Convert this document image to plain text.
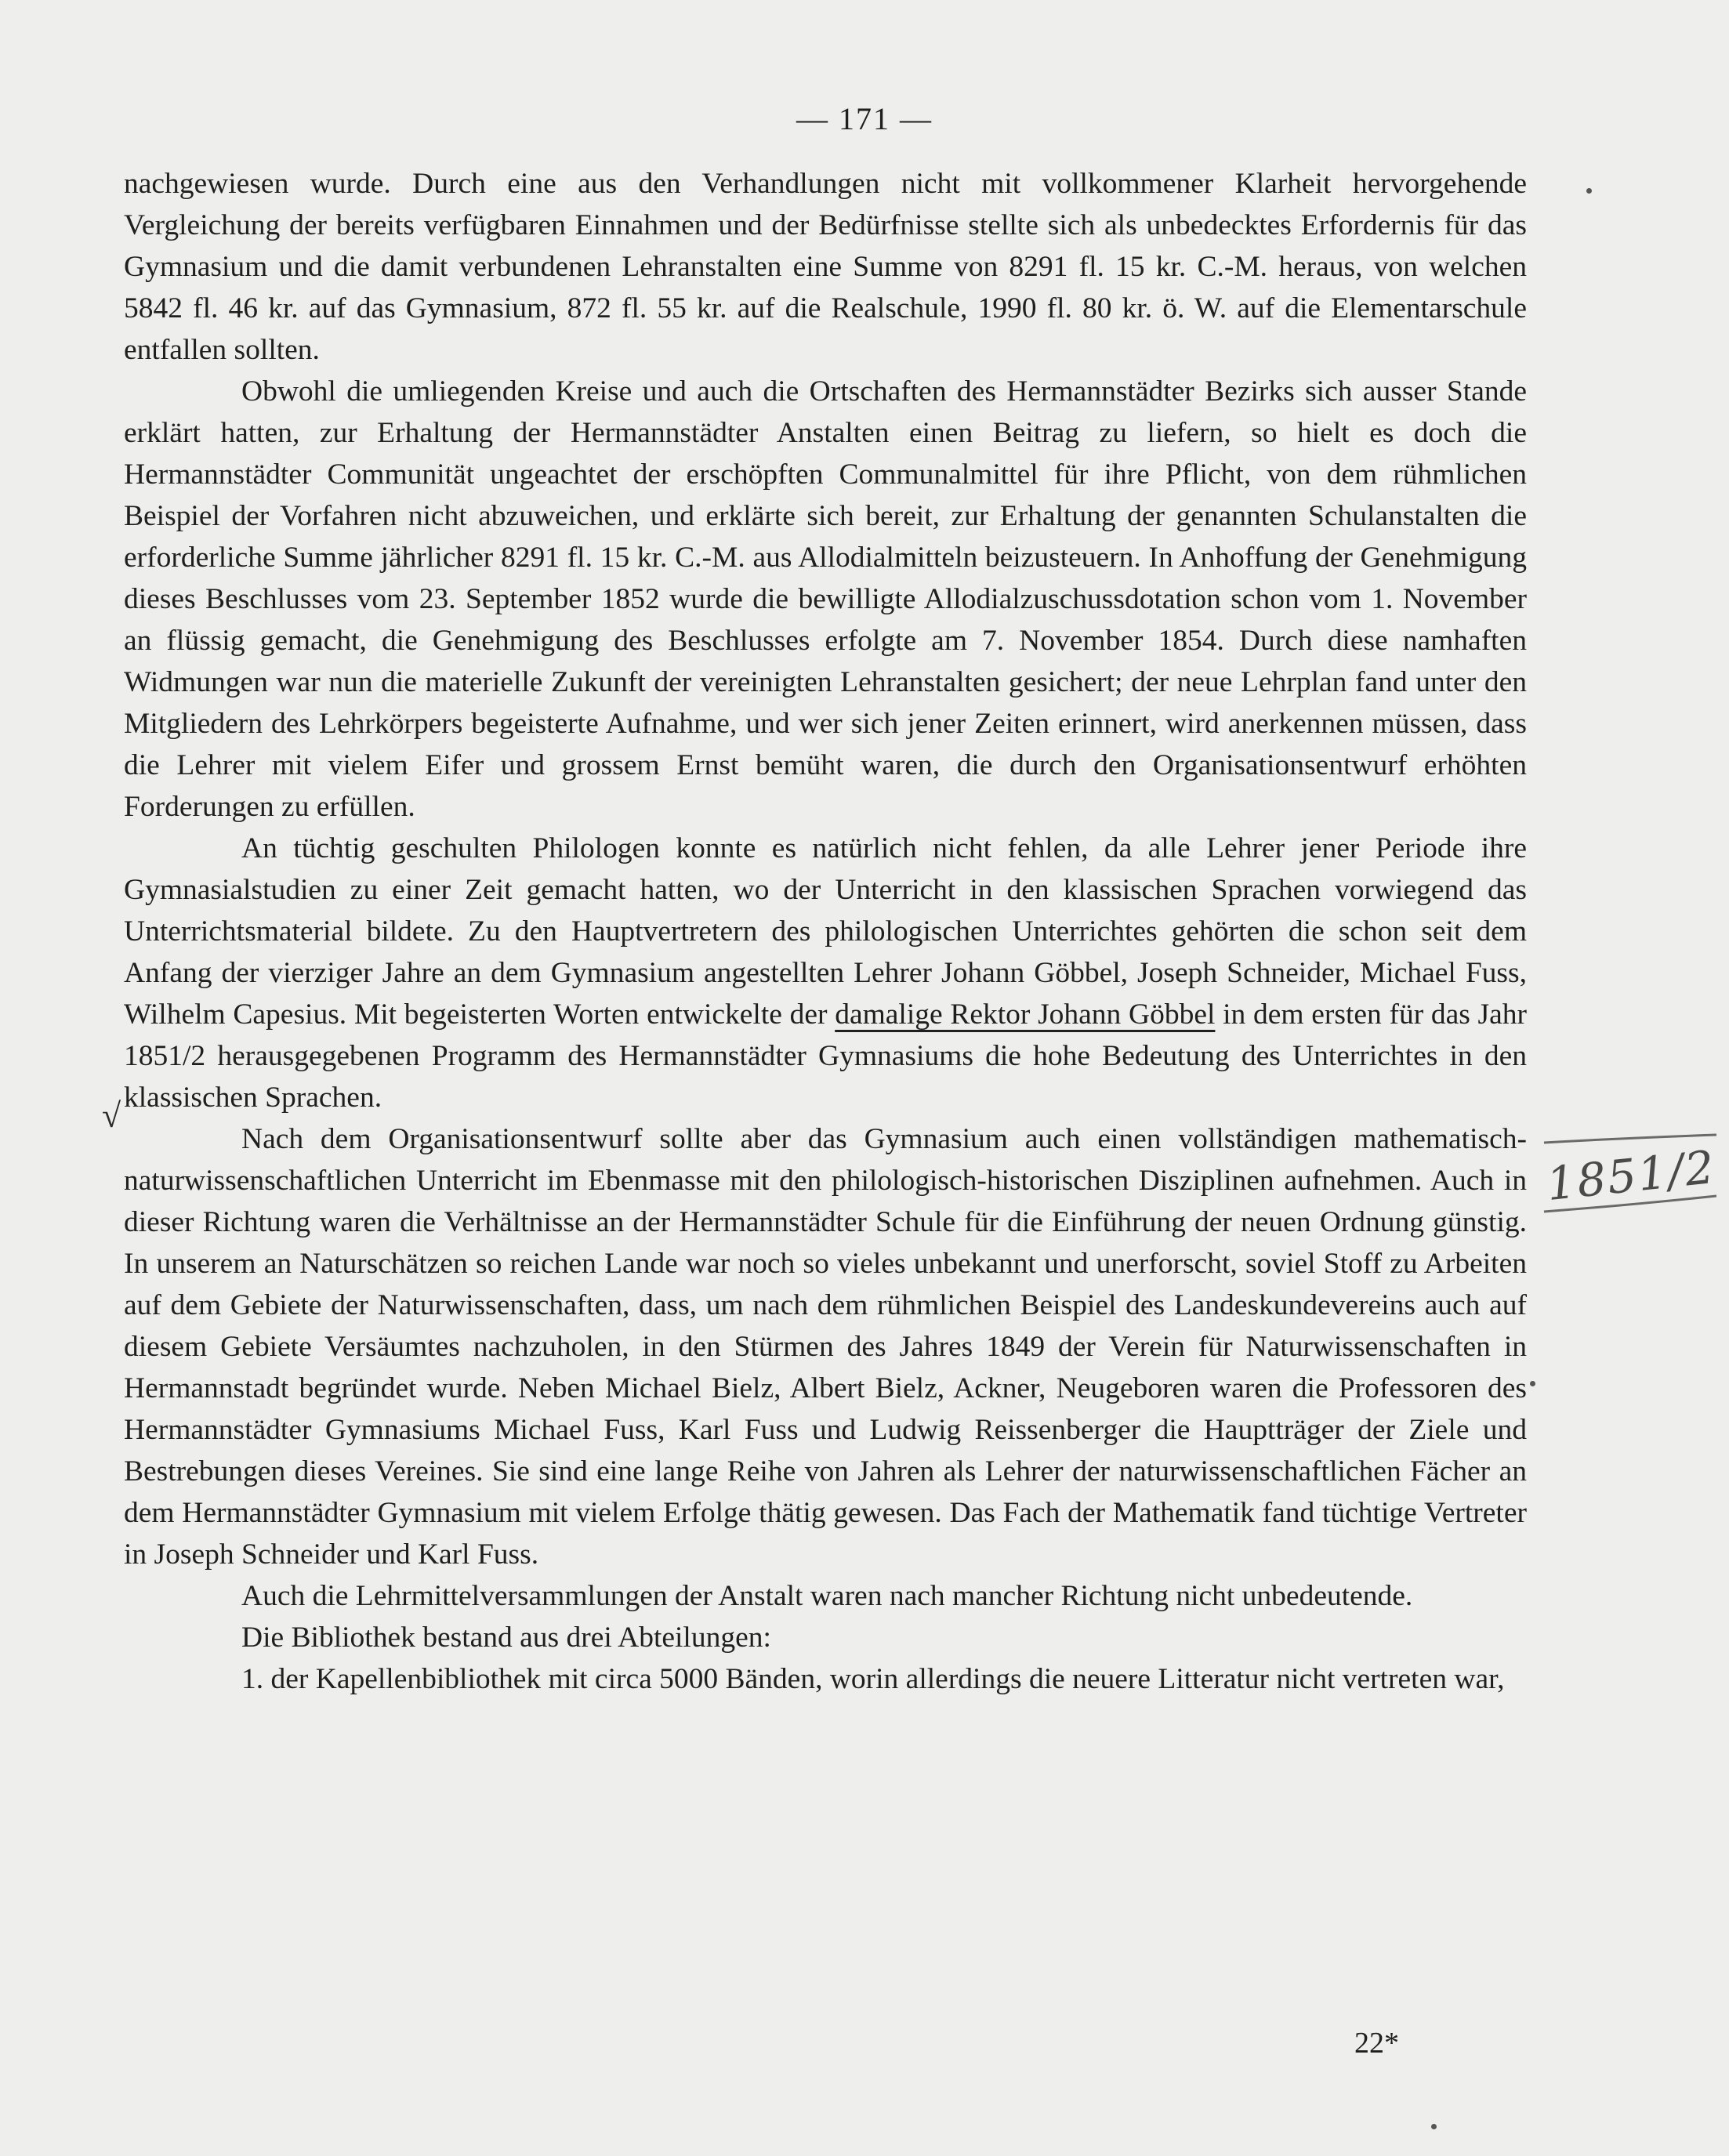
— 171 —

nachgewiesen wurde. Durch eine aus den Verhandlungen nicht mit vollkommener Klarheit hervorgehende Vergleichung der bereits verfügbaren Einnahmen und der Bedürfnisse stellte sich als unbedecktes Erfordernis für das Gymnasium und die damit verbundenen Lehranstalten eine Summe von 8291 fl. 15 kr. C.-M. heraus, von welchen 5842 fl. 46 kr. auf das Gymnasium, 872 fl. 55 kr. auf die Realschule, 1990 fl. 80 kr. ö. W. auf die Elementarschule entfallen sollten.

Obwohl die umliegenden Kreise und auch die Ortschaften des Hermannstädter Bezirks sich ausser Stande erklärt hatten, zur Erhaltung der Hermannstädter Anstalten einen Beitrag zu liefern, so hielt es doch die Hermannstädter Communität ungeachtet der erschöpften Communalmittel für ihre Pflicht, von dem rühmlichen Beispiel der Vorfahren nicht abzuweichen, und erklärte sich bereit, zur Erhaltung der genannten Schulanstalten die erforderliche Summe jährlicher 8291 fl. 15 kr. C.-M. aus Allodialmitteln beizusteuern. In Anhoffung der Genehmigung dieses Beschlusses vom 23. September 1852 wurde die bewilligte Allodialzuschussdotation schon vom 1. November an flüssig gemacht, die Genehmigung des Beschlusses erfolgte am 7. November 1854. Durch diese namhaften Widmungen war nun die materielle Zukunft der vereinigten Lehranstalten gesichert; der neue Lehrplan fand unter den Mitgliedern des Lehrkörpers begeisterte Aufnahme, und wer sich jener Zeiten erinnert, wird anerkennen müssen, dass die Lehrer mit vielem Eifer und grossem Ernst bemüht waren, die durch den Organisationsentwurf erhöhten Forderungen zu erfüllen.

An tüchtig geschulten Philologen konnte es natürlich nicht fehlen, da alle Lehrer jener Periode ihre Gymnasialstudien zu einer Zeit gemacht hatten, wo der Unterricht in den klassischen Sprachen vorwiegend das Unterrichtsmaterial bildete. Zu den Hauptvertretern des philologischen Unterrichtes gehörten die schon seit dem Anfang der vierziger Jahre an dem Gymnasium angestellten Lehrer Johann Göbbel, Joseph Schneider, Michael Fuss, Wilhelm Capesius. Mit begeisterten Worten entwickelte der damalige Rektor Johann Göbbel in dem ersten für das Jahr 1851/2 herausgegebenen Programm des Hermannstädter Gymnasiums die hohe Bedeutung des Unterrichtes in den klassischen Sprachen.

Nach dem Organisationsentwurf sollte aber das Gymnasium auch einen vollständigen mathematisch-naturwissenschaftlichen Unterricht im Ebenmasse mit den philologisch-historischen Disziplinen aufnehmen. Auch in dieser Richtung waren die Verhältnisse an der Hermannstädter Schule für die Einführung der neuen Ordnung günstig. In unserem an Naturschätzen so reichen Lande war noch so vieles unbekannt und unerforscht, soviel Stoff zu Arbeiten auf dem Gebiete der Naturwissenschaften, dass, um nach dem rühmlichen Beispiel des Landeskundevereins auch auf diesem Gebiete Versäumtes nachzuholen, in den Stürmen des Jahres 1849 der Verein für Naturwissenschaften in Hermannstadt begründet wurde. Neben Michael Bielz, Albert Bielz, Ackner, Neugeboren waren die Professoren des Hermannstädter Gymnasiums Michael Fuss, Karl Fuss und Ludwig Reissenberger die Hauptträger der Ziele und Bestrebungen dieses Vereines. Sie sind eine lange Reihe von Jahren als Lehrer der naturwissenschaftlichen Fächer an dem Hermannstädter Gymnasium mit vielem Erfolge thätig gewesen. Das Fach der Mathematik fand tüchtige Vertreter in Joseph Schneider und Karl Fuss.

Auch die Lehrmittelversammlungen der Anstalt waren nach mancher Richtung nicht unbedeutende.

Die Bibliothek bestand aus drei Abteilungen:

1. der Kapellenbibliothek mit circa 5000 Bänden, worin allerdings die neuere Litteratur nicht vertreten war,

√
1851/2
22*
